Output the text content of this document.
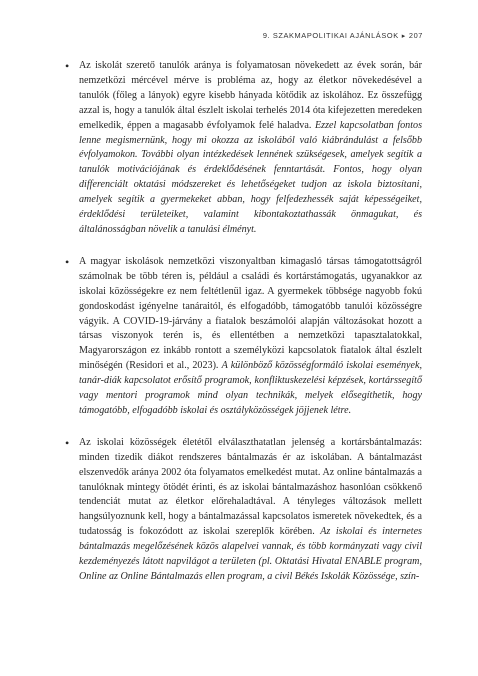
9. SZAKMAPOLITIKAI AJÁNLÁSOK ▸ 207
• Az iskolát szerető tanulók aránya is folyamatosan növekedett az évek során, bár nemzetközi mércével mérve is probléma az, hogy az életkor növekedésével a tanulók (főleg a lányok) egyre kisebb hányada kötődik az iskolához. Ez összefügg azzal is, hogy a tanulók által észlelt iskolai terhelés 2014 óta kifejezetten meredeken emelkedik, éppen a magasabb évfolyamok felé haladva. Ezzel kapcsolatban fontos lenne megismernünk, hogy mi okozza az iskolából való kiábrándulást a felsőbb évfolyamokon. További olyan intézkedések lennének szükségesek, amelyek segítik a tanulók motivációjának és érdeklődésének fenntartását. Fontos, hogy olyan differenciált oktatási módszereket és lehetőségeket tudjon az iskola biztosítani, amelyek segítik a gyermekeket abban, hogy felfedezhessék saját képességeiket, érdeklődési területeiket, valamint kibontakoztathassák önmagukat, és általánosságban növelik a tanulási élményt.
• A magyar iskolások nemzetközi viszonyaltban kimagasló társas támogatottságról számolnak be több téren is, például a családi és kortárstámogatás, ugyanakkor az iskolai közösségekre ez nem feltétlenül igaz. A gyermekek többsége nagyobb fokú gondoskodást igényelne tanáraitól, és elfogadóbb, támogatóbb tanulói közösségre vágyik. A COVID-19-járvány a fiatalok beszámolói alapján változásokat hozott a társas viszonyok terén is, és ellentétben a nemzetközi tapasztalatokkal, Magyarországon ez inkább rontott a személyközi kapcsolatok fiatalok által észlelt minőségén (Residori et al., 2023). A különböző közösségformáló iskolai események, tanár-diák kapcsolatot erősítő programok, konfliktuskezelési képzések, kortárssegítő vagy mentori programok mind olyan technikák, melyek elősegíthetik, hogy támogatóbb, elfogadóbb iskolai és osztályközösségek jöjjenek létre.
• Az iskolai közösségek életétől elválaszthatatlan jelenség a kortársbántalmazás: minden tizedik diákot rendszeres bántalmazás ér az iskolában. A bántalmazást elszenvedők aránya 2002 óta folyamatos emelkedést mutat. Az online bántalmazás a tanulóknak mintegy ötödét érinti, és az iskolai bántalmazáshoz hasonlóan csökkenő tendenciát mutat az életkor előrehaladtával. A tényleges változások mellett hangsúlyoznunk kell, hogy a bántalmazással kapcsolatos ismeretek növekedtek, és a tudatosság is fokozódott az iskolai szereplők körében. Az iskolai és internetes bántalmazás megelőzésének közös alapelvei vannak, és több kormányzati vagy civil kezdeményezés látott napvilágot a területen (pl. Oktatási Hivatal ENABLE program, Online az Online Bántalmazás ellen program, a civil Békés Iskolák Közössége, szín-
